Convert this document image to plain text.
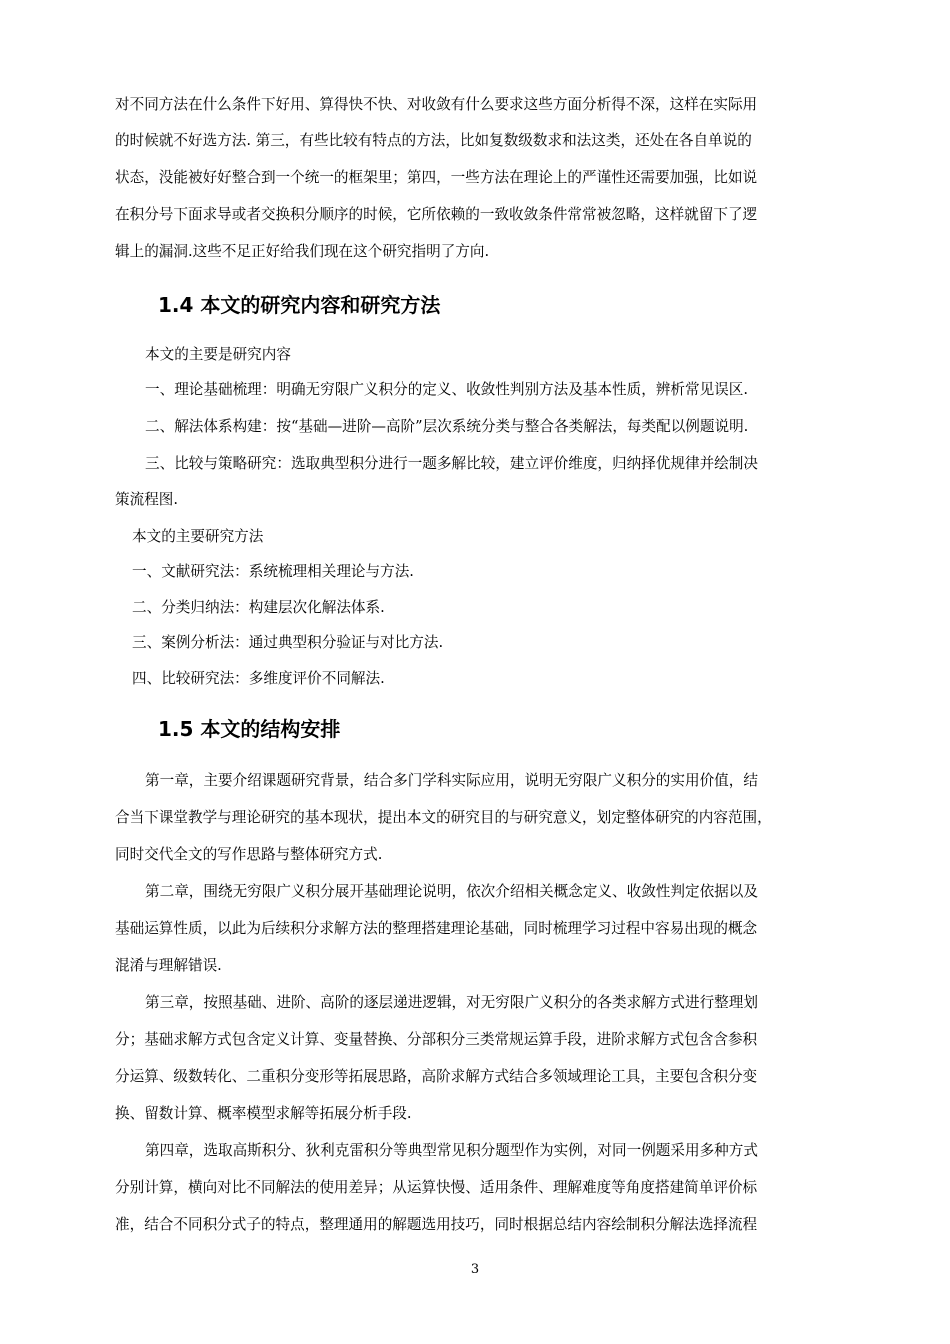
对不同方法在什么条件下好用、算得快不快、对收敛有什么要求这些方面分析得不深，这样在实际用

的时候就不好选方法. 第三，有些比较有特点的方法，比如复数级数求和法这类，还处在各自单说的

状态，没能被好好整合到一个统一的框架里；第四，一些方法在理论上的严谨性还需要加强，比如说

在积分号下面求导或者交换积分顺序的时候，它所依赖的一致收敛条件常常被忽略，这样就留下了逻

辑上的漏洞.这些不足正好给我们现在这个研究指明了方向.

1.4 本文的研究内容和研究方法

本文的主要是研究内容

一、理论基础梳理：明确无穷限广义积分的定义、收敛性判别方法及基本性质，辨析常见误区.

二、解法体系构建：按“基础—进阶—高阶”层次系统分类与整合各类解法，每类配以例题说明.

三、比较与策略研究：选取典型积分进行一题多解比较，建立评价维度，归纳择优规律并绘制决

策流程图.

本文的主要研究方法

一、文献研究法：系统梳理相关理论与方法.

二、分类归纳法：构建层次化解法体系.

三、案例分析法：通过典型积分验证与对比方法.

四、比较研究法：多维度评价不同解法.

1.5 本文的结构安排

第一章，主要介绍课题研究背景，结合多门学科实际应用，说明无穷限广义积分的实用价值，结

合当下课堂教学与理论研究的基本现状，提出本文的研究目的与研究意义，划定整体研究的内容范围，

同时交代全文的写作思路与整体研究方式.

第二章，围绕无穷限广义积分展开基础理论说明，依次介绍相关概念定义、收敛性判定依据以及

基础运算性质，以此为后续积分求解方法的整理搭建理论基础，同时梳理学习过程中容易出现的概念

混淆与理解错误.

第三章，按照基础、进阶、高阶的逐层递进逻辑，对无穷限广义积分的各类求解方式进行整理划

分；基础求解方式包含定义计算、变量替换、分部积分三类常规运算手段，进阶求解方式包含含参积

分运算、级数转化、二重积分变形等拓展思路，高阶求解方式结合多领域理论工具，主要包含积分变

换、留数计算、概率模型求解等拓展分析手段.

第四章，选取高斯积分、狄利克雷积分等典型常见积分题型作为实例，对同一例题采用多种方式

分别计算，横向对比不同解法的使用差异；从运算快慢、适用条件、理解难度等角度搭建简单评价标

准，结合不同积分式子的特点，整理通用的解题选用技巧，同时根据总结内容绘制积分解法选择流程

3
